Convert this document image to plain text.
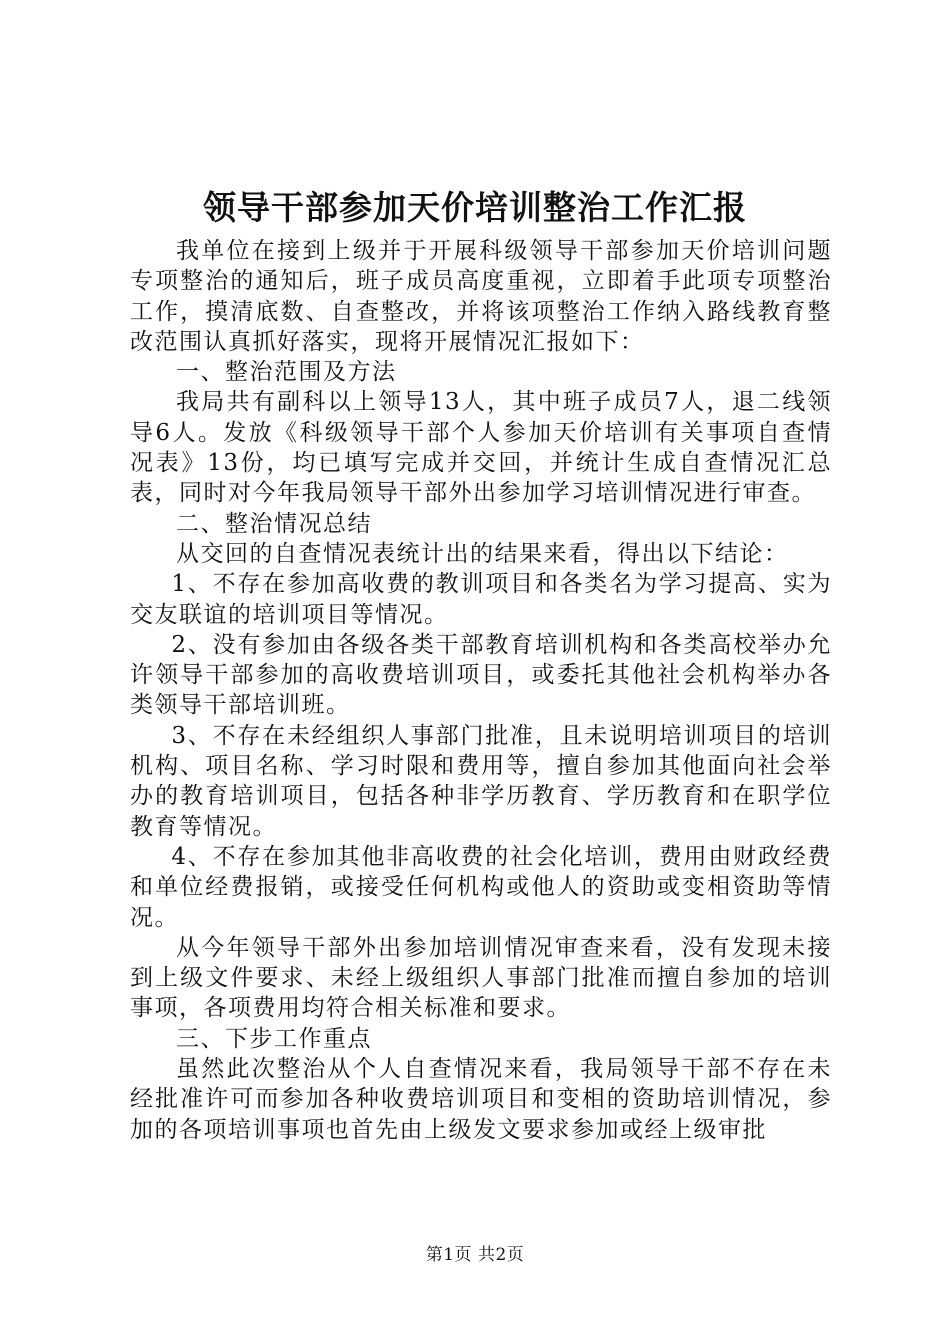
领导干部参加天价培训整治工作汇报

我单位在接到上级并于开展科级领导干部参加天价培训问题专项整治的通知后，班子成员高度重视，立即着手此项专项整治工作，摸清底数、自查整改，并将该项整治工作纳入路线教育整改范围认真抓好落实，现将开展情况汇报如下：

一、整治范围及方法

我局共有副科以上领导13人，其中班子成员7人，退二线领导6人。发放《科级领导干部个人参加天价培训有关事项自查情况表》13份，均已填写完成并交回，并统计生成自查情况汇总表，同时对今年我局领导干部外出参加学习培训情况进行审查。

二、整治情况总结

从交回的自查情况表统计出的结果来看，得出以下结论：

1、不存在参加高收费的教训项目和各类名为学习提高、实为交友联谊的培训项目等情况。

2、没有参加由各级各类干部教育培训机构和各类高校举办允许领导干部参加的高收费培训项目，或委托其他社会机构举办各类领导干部培训班。

3、不存在未经组织人事部门批准，且未说明培训项目的培训机构、项目名称、学习时限和费用等，擅自参加其他面向社会举办的教育培训项目，包括各种非学历教育、学历教育和在职学位教育等情况。

4、不存在参加其他非高收费的社会化培训，费用由财政经费和单位经费报销，或接受任何机构或他人的资助或变相资助等情况。

从今年领导干部外出参加培训情况审查来看，没有发现未接到上级文件要求、未经上级组织人事部门批准而擅自参加的培训事项，各项费用均符合相关标准和要求。

三、下步工作重点

虽然此次整治从个人自查情况来看，我局领导干部不存在未经批准许可而参加各种收费培训项目和变相的资助培训情况，参加的各项培训事项也首先由上级发文要求参加或经上级审批

第1页 共2页
